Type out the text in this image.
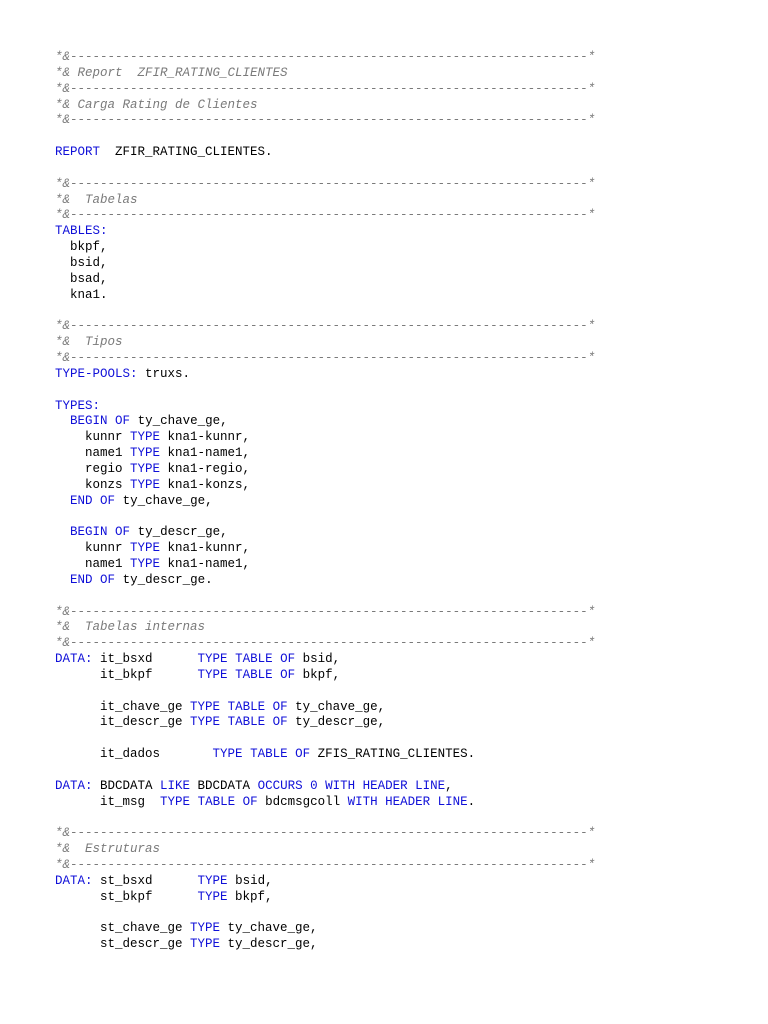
*&---------------------------------------------------------------------*
*& Report  ZFIR_RATING_CLIENTES
*&---------------------------------------------------------------------*
*& Carga Rating de Clientes
*&---------------------------------------------------------------------*
REPORT  ZFIR_RATING_CLIENTES.
*&---------------------------------------------------------------------*
*&  Tabelas
*&---------------------------------------------------------------------*
TABLES:
bkpf,
bsid,
bsad,
kna1.
*&---------------------------------------------------------------------*
*&  Tipos
*&---------------------------------------------------------------------*
TYPE-POOLS: truxs.
TYPES:
BEGIN OF ty_chave_ge,
kunnr TYPE kna1-kunnr,
name1 TYPE kna1-name1,
regio TYPE kna1-regio,
konzs TYPE kna1-konzs,
END OF ty_chave_ge,
BEGIN OF ty_descr_ge,
kunnr TYPE kna1-kunnr,
name1 TYPE kna1-name1,
END OF ty_descr_ge.
*&---------------------------------------------------------------------*
*&  Tabelas internas
*&---------------------------------------------------------------------*
DATA: it_bsxd      TYPE TABLE OF bsid,
it_bkpf      TYPE TABLE OF bkpf,
it_chave_ge TYPE TABLE OF ty_chave_ge,
it_descr_ge TYPE TABLE OF ty_descr_ge,
it_dados       TYPE TABLE OF ZFIS_RATING_CLIENTES.
DATA: BDCDATA LIKE BDCDATA OCCURS 0 WITH HEADER LINE,
it_msg  TYPE TABLE OF bdcmsgcoll WITH HEADER LINE.
*&---------------------------------------------------------------------*
*&  Estruturas
*&---------------------------------------------------------------------*
DATA: st_bsxd      TYPE bsid,
st_bkpf      TYPE bkpf,
st_chave_ge TYPE ty_chave_ge,
st_descr_ge TYPE ty_descr_ge,
